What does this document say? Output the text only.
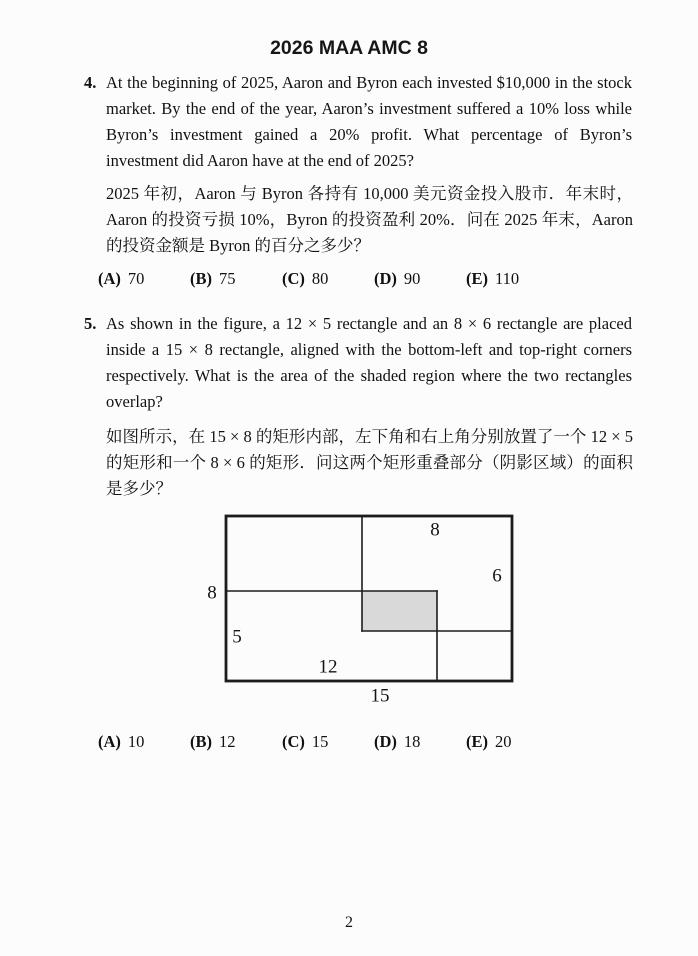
2026 MAA AMC 8
4. At the beginning of 2025, Aaron and Byron each invested $10,000 in the stock market. By the end of the year, Aaron’s investment suffered a 10% loss while Byron’s investment gained a 20% profit. What percentage of Byron’s investment did Aaron have at the end of 2025?
2025 年初，Aaron 与 Byron 各持有 10,000 美元资金投入股市．年末时，Aaron 的投资亏损 10%，Byron 的投资盈利 20%．问在 2025 年末，Aaron 的投资金额是 Byron 的百分之多少？
(A) 70	(B) 75	(C) 80	(D) 90	(E) 110
5. As shown in the figure, a 12 × 5 rectangle and an 8 × 6 rectangle are placed inside a 15 × 8 rectangle, aligned with the bottom-left and top-right corners respectively. What is the area of the shaded region where the two rectangles overlap?
如图所示，在 15 × 8 的矩形内部，左下角和右上角分别放置了一个 12 × 5 的矩形和一个 8 × 6 的矩形．问这两个矩形重叠部分（阴影区域）的面积是多少？
8
6
8
5
12
15
(A) 10	(B) 12	(C) 15	(D) 18	(E) 20
2
